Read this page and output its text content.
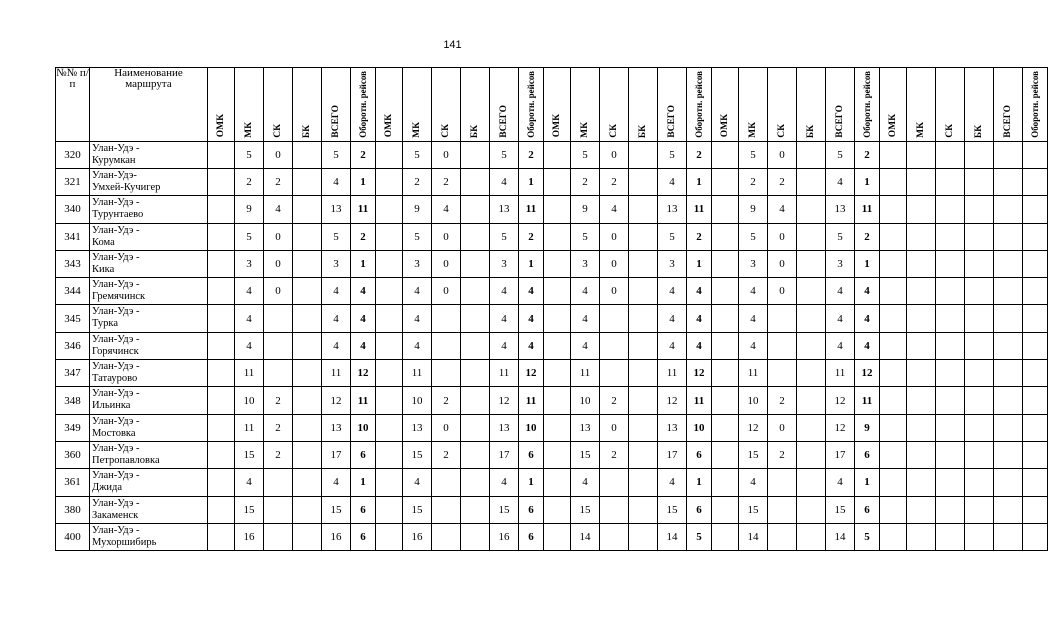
141
№№ п/п	Наименование маршрута	ОМК	МК	СК	БК	ВСЕГО	Оборотн. рейсов	ОМК	МК	СК	БК	ВСЕГО	Оборотн. рейсов	ОМК	МК	СК	БК	ВСЕГО	Оборотн. рейсов	ОМК	МК	СК	БК	ВСЕГО	Оборотн. рейсов	ОМК	МК	СК	БК	ВСЕГО	Оборотн. рейсов
320	Улан-Удэ -
Курумкан		5	0		5	2		5	0		5	2		5	0		5	2		5	0		5	2						
321	Улан-Удэ-
Умхей-Кучигер		2	2		4	1		2	2		4	1		2	2		4	1		2	2		4	1						
340	Улан-Удэ -
Турунтаево		9	4		13	11		9	4		13	11		9	4		13	11		9	4		13	11						
341	Улан-Удэ -
Кома		5	0		5	2		5	0		5	2		5	0		5	2		5	0		5	2						
343	Улан-Удэ -
Кика		3	0		3	1		3	0		3	1		3	0		3	1		3	0		3	1						
344	Улан-Удэ -
Гремячинск		4	0		4	4		4	0		4	4		4	0		4	4		4	0		4	4						
345	Улан-Удэ -
Турка		4			4	4		4			4	4		4			4	4		4			4	4						
346	Улан-Удэ -
Горячинск		4			4	4		4			4	4		4			4	4		4			4	4						
347	Улан-Удэ -
Татаурово		11			11	12		11			11	12		11			11	12		11			11	12						
348	Улан-Удэ -
Ильинка		10	2		12	11		10	2		12	11		10	2		12	11		10	2		12	11						
349	Улан-Удэ -
Мостовка		11	2		13	10		13	0		13	10		13	0		13	10		12	0		12	9						
360	Улан-Удэ -
Петропавловка		15	2		17	6		15	2		17	6		15	2		17	6		15	2		17	6						
361	Улан-Удэ -
Джида		4			4	1		4			4	1		4			4	1		4			4	1						
380	Улан-Удэ -
Закаменск		15			15	6		15			15	6		15			15	6		15			15	6						
400	Улан-Удэ -
Мухоршибирь		16			16	6		16			16	6		14			14	5		14			14	5						
